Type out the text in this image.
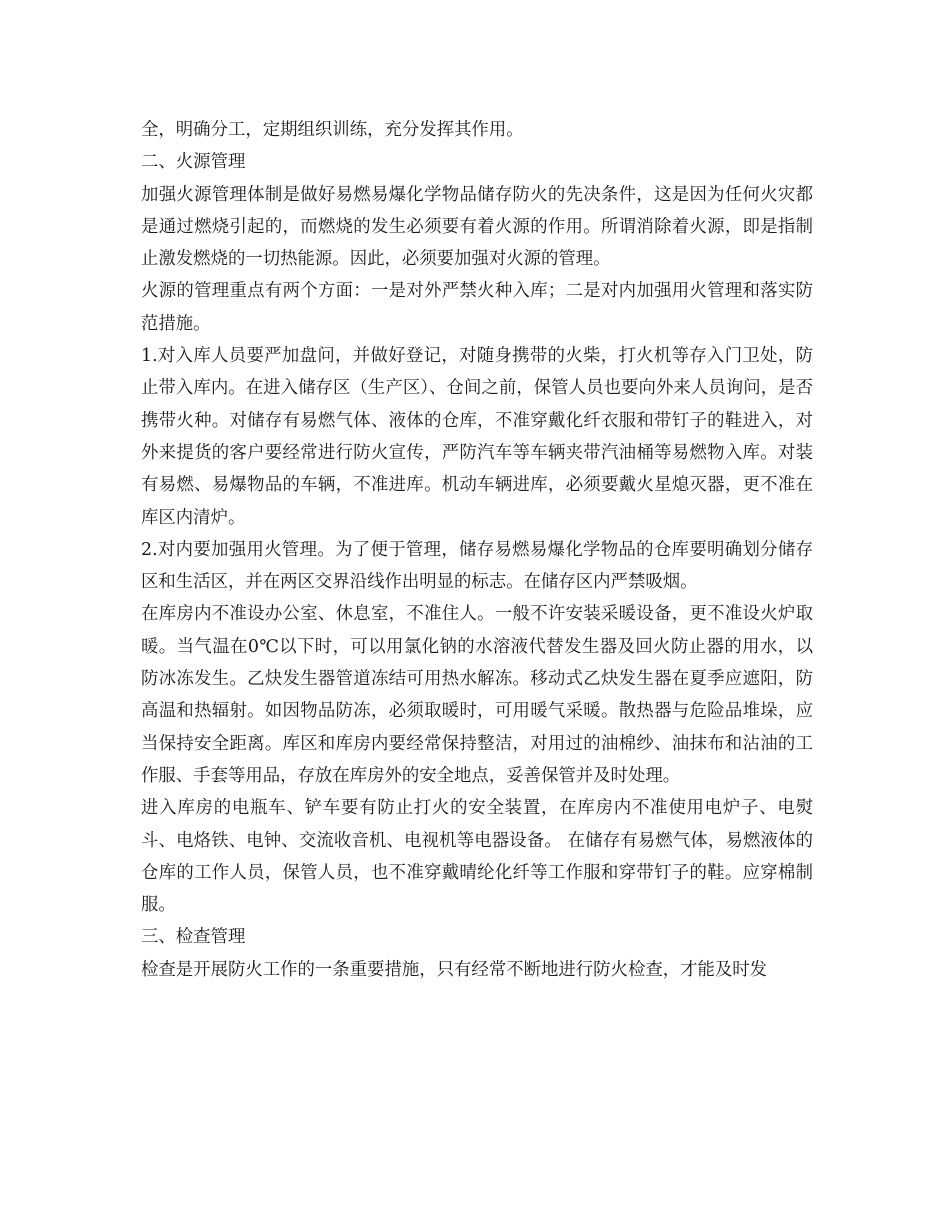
全，明确分工，定期组织训练，充分发挥其作用。

二、火源管理

加强火源管理体制是做好易燃易爆化学物品储存防火的先决条件，这是因为任何火灾都是通过燃烧引起的，而燃烧的发生必须要有着火源的作用。所谓消除着火源，即是指制止激发燃烧的一切热能源。因此，必须要加强对火源的管理。

火源的管理重点有两个方面：一是对外严禁火种入库；二是对内加强用火管理和落实防范措施。

1.对入库人员要严加盘问，并做好登记，对随身携带的火柴，打火机等存入门卫处，防止带入库内。在进入储存区（生产区）、仓间之前，保管人员也要向外来人员询问，是否携带火种。对储存有易燃气体、液体的仓库，不准穿戴化纤衣服和带钉子的鞋进入，对外来提货的客户要经常进行防火宣传，严防汽车等车辆夹带汽油桶等易燃物入库。对装有易燃、易爆物品的车辆，不准进库。机动车辆进库，必须要戴火星熄灭器，更不准在库区内清炉。

2.对内要加强用火管理。为了便于管理，储存易燃易爆化学物品的仓库要明确划分储存区和生活区，并在两区交界沿线作出明显的标志。在储存区内严禁吸烟。

在库房内不准设办公室、休息室，不准住人。一般不许安装采暖设备，更不准设火炉取暖。当气温在0℃以下时，可以用氯化钠的水溶液代替发生器及回火防止器的用水，以防冰冻发生。乙炔发生器管道冻结可用热水解冻。移动式乙炔发生器在夏季应遮阳，防高温和热辐射。如因物品防冻，必须取暖时，可用暖气采暖。散热器与危险品堆垛，应当保持安全距离。库区和库房内要经常保持整洁，对用过的油棉纱、油抹布和沾油的工作服、手套等用品，存放在库房外的安全地点，妥善保管并及时处理。

进入库房的电瓶车、铲车要有防止打火的安全装置，在库房内不准使用电炉子、电熨斗、电烙铁、电钟、交流收音机、电视机等电器设备。 在储存有易燃气体，易燃液体的仓库的工作人员，保管人员，也不准穿戴晴纶化纤等工作服和穿带钉子的鞋。应穿棉制服。

三、检查管理

检查是开展防火工作的一条重要措施，只有经常不断地进行防火检查，才能及时发
